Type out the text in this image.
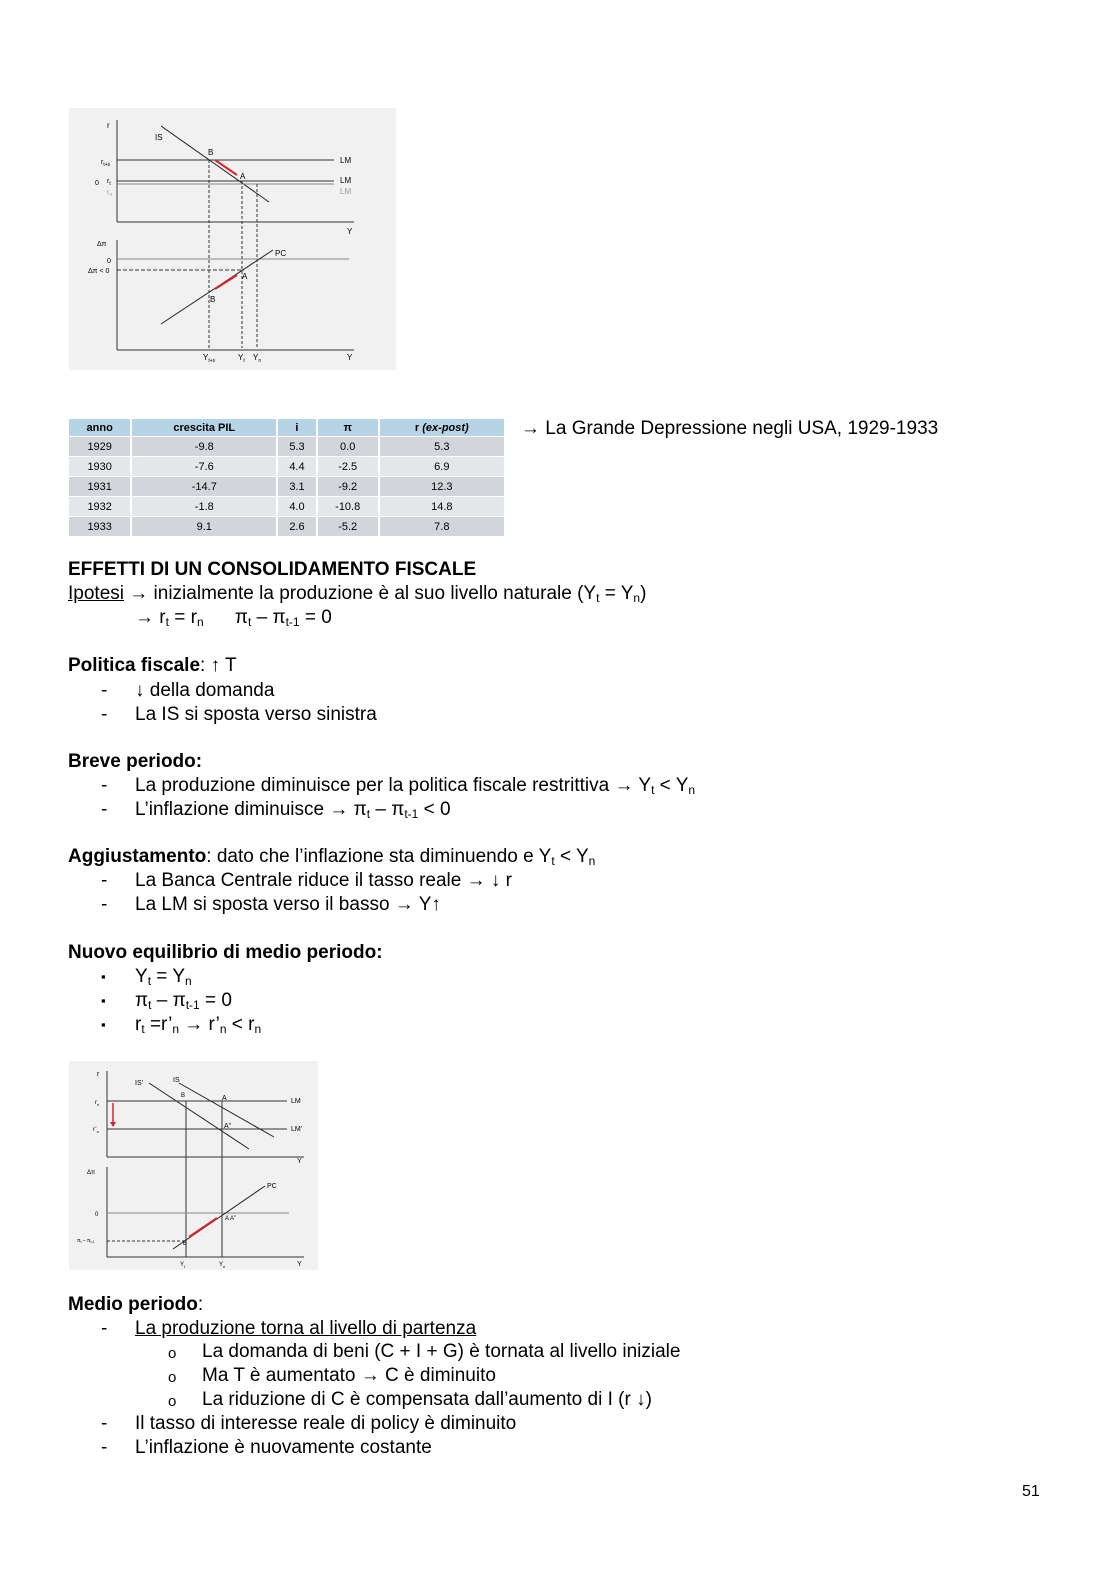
r
IS
LM
LM
LM
$r_{t+s}$
0 $r_t$
$r_n$
B
A
Y
Δπ
0
Δπ < 0
PC
A
B
$Y_{t+s}$	$Y_t$ $Y_n$	Y
anno	crescita PIL	i	π	r (ex-post)
1929	-9.8	5.3	0.0	5.3
1930	-7.6	4.4	-2.5	6.9
1931	-14.7	3.1	-9.2	12.3
1932	-1.8	4.0	-10.8	14.8
1933	9.1	2.6	-5.2	7.8
→ La Grande Depressione negli USA, 1929-1933
EFFETTI DI UN CONSOLIDAMENTO FISCALE
Ipotesi → inizialmente la produzione è al suo livello naturale $(Y_t = Y_n)$
→ $r_t = r_n$ $\pi_t - \pi_{t-1} = 0$
Politica fiscale: ↑ T
- ↓ della domanda
- La IS si sposta verso sinistra
Breve periodo:
- La produzione diminuisce per la politica fiscale restrittiva → $Y_t < Y_n$
- L’inflazione diminuisce → $\pi_t - \pi_{t-1} < 0$
Aggiustamento: dato che l’inflazione sta diminuendo e $Y_t < Y_n$
- La Banca Centrale riduce il tasso reale → ↓ r
- La LM si sposta verso il basso → Y↑
Nuovo equilibrio di medio periodo:
▪ $Y_t = Y_n$
▪ $\pi_t - \pi_{t-1} = 0$
▪ $r_t$ $=r’_n$ → $r’_n < r_n$
r
IS’	IS
LM
LM’
B	A
A”
$r_n$
$r’_n$
Y
Δπ
0
$\pi_t - \pi_{t-1}$
PC
A A”
B
$Y_t$	$Y_n$	Y
Medio periodo:
- La produzione torna al livello di partenza
o La domanda di beni (C + I + G) è tornata al livello iniziale
o Ma T è aumentato → C è diminuito
o La riduzione di C è compensata dall’aumento di I (r ↓)
- Il tasso di interesse reale di policy è diminuito
- L’inflazione è nuovamente costante
51
